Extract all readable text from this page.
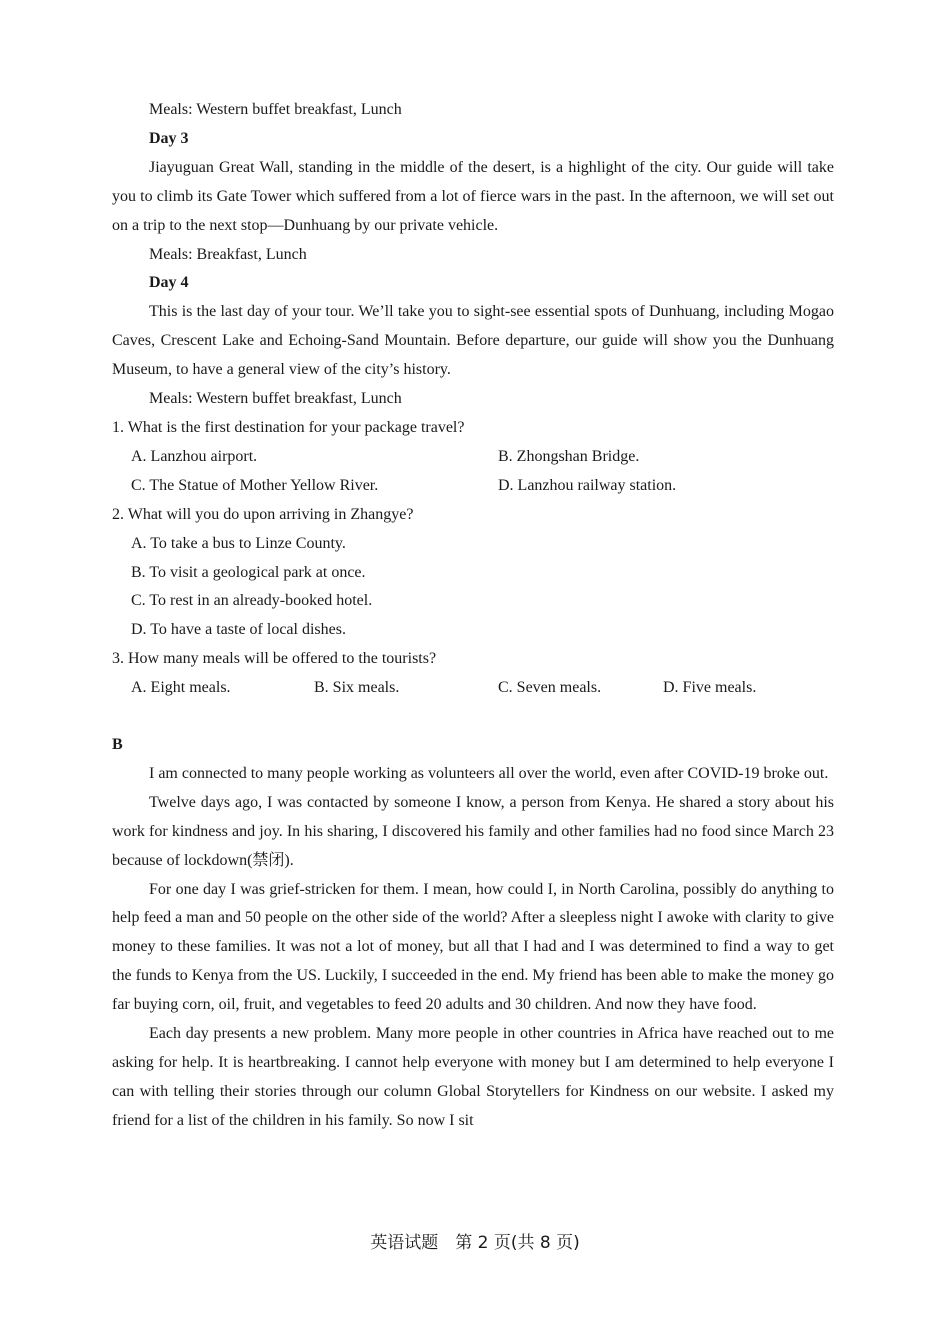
Meals: Western buffet breakfast, Lunch

Day 3

Jiayuguan Great Wall, standing in the middle of the desert, is a highlight of the city. Our guide will take you to climb its Gate Tower which suffered from a lot of fierce wars in the past. In the afternoon, we will set out on a trip to the next stop—Dunhuang by our private vehicle.

Meals: Breakfast, Lunch

Day 4

This is the last day of your tour. We’ll take you to sight-see essential spots of Dunhuang, including Mogao Caves, Crescent Lake and Echoing-Sand Mountain. Before departure, our guide will show you the Dunhuang Museum, to have a general view of the city’s history.

Meals: Western buffet breakfast, Lunch

1. What is the first destination for your package travel?

A. Lanzhou airport.	B. Zhongshan Bridge.
C. The Statue of Mother Yellow River.	D. Lanzhou railway station.

2. What will you do upon arriving in Zhangye?

A. To take a bus to Linze County.
B. To visit a geological park at once.
C. To rest in an already-booked hotel.
D. To have a taste of local dishes.

3. How many meals will be offered to the tourists?

A. Eight meals.	B. Six meals.	C. Seven meals.	D. Five meals.

B

I am connected to many people working as volunteers all over the world, even after COVID-19 broke out.

Twelve days ago, I was contacted by someone I know, a person from Kenya. He shared a story about his work for kindness and joy. In his sharing, I discovered his family and other families had no food since March 23 because of lockdown(禁闭).

For one day I was grief-stricken for them. I mean, how could I, in North Carolina, possibly do anything to help feed a man and 50 people on the other side of the world? After a sleepless night I awoke with clarity to give money to these families. It was not a lot of money, but all that I had and I was determined to find a way to get the funds to Kenya from the US. Luckily, I succeeded in the end. My friend has been able to make the money go far buying corn, oil, fruit, and vegetables to feed 20 adults and 30 children. And now they have food.

Each day presents a new problem. Many more people in other countries in Africa have reached out to me asking for help. It is heartbreaking. I cannot help everyone with money but I am determined to help everyone I can with telling their stories through our column Global Storytellers for Kindness on our website. I asked my friend for a list of the children in his family. So now I sit

英语试题　第 2 页(共 8 页)
